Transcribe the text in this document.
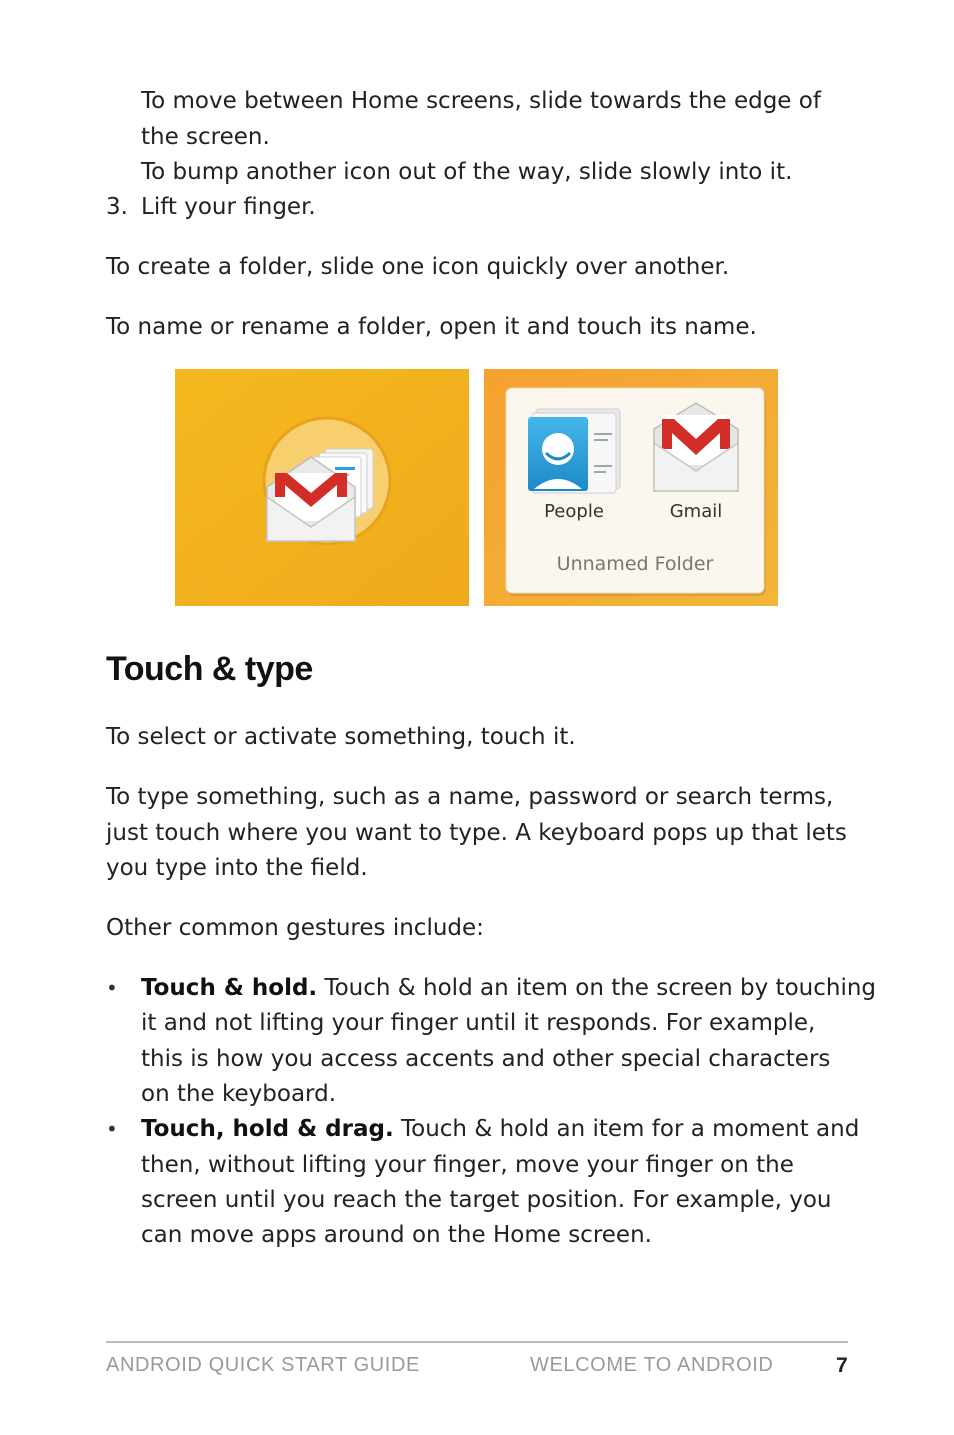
To move between Home screens, slide towards the edge of
the screen.
To bump another icon out of the way, slide slowly into it.
3. Lift your finger.
To create a folder, slide one icon quickly over another.
To name or rename a folder, open it and touch its name.
People	Gmail
Unnamed Folder
Touch & type
To select or activate something, touch it.
To type something, such as a name, password or search terms,
just touch where you want to type. A keyboard pops up that lets
you type into the field.
Other common gestures include:
• Touch & hold. Touch & hold an item on the screen by touching
it and not lifting your finger until it responds. For example,
this is how you access accents and other special characters
on the keyboard.
• Touch, hold & drag. Touch & hold an item for a moment and
then, without lifting your finger, move your finger on the
screen until you reach the target position. For example, you
can move apps around on the Home screen.
ANDROID QUICK START GUIDE	WELCOME TO ANDROID	7
